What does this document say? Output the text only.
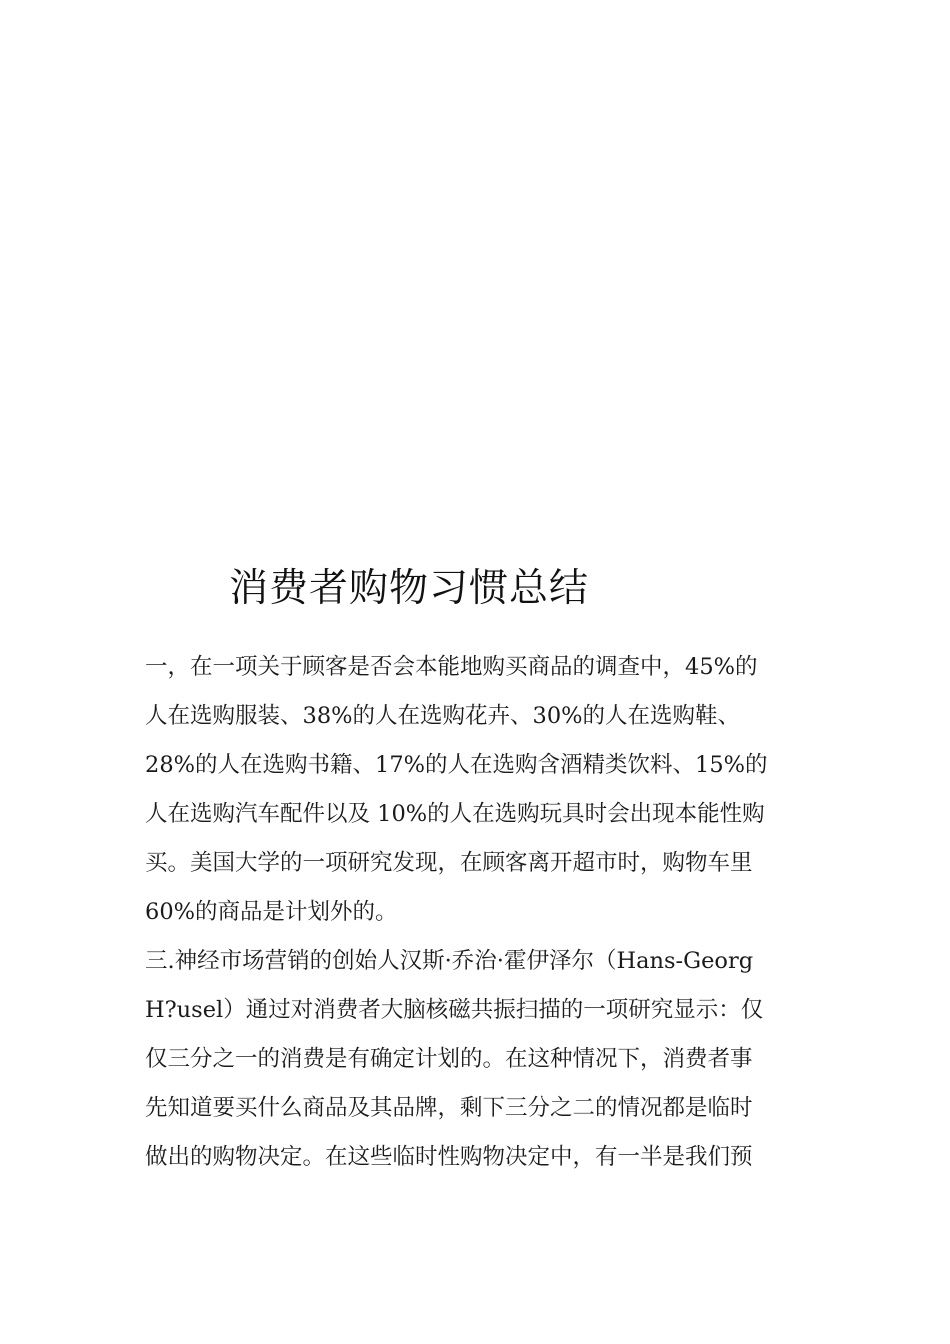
消费者购物习惯总结
一，在一项关于顾客是否会本能地购买商品的调查中，45%的
人在选购服装、38%的人在选购花卉、30%的人在选购鞋、
28%的人在选购书籍、17%的人在选购含酒精类饮料、15%的
人在选购汽车配件以及 10%的人在选购玩具时会出现本能性购
买。美国大学的一项研究发现，在顾客离开超市时，购物车里
60%的商品是计划外的。
三.神经市场营销的创始人汉斯·乔治·霍伊泽尔（Hans-Georg
H?usel）通过对消费者大脑核磁共振扫描的一项研究显示：仅
仅三分之一的消费是有确定计划的。在这种情况下，消费者事
先知道要买什么商品及其品牌，剩下三分之二的情况都是临时
做出的购物决定。在这些临时性购物决定中，有一半是我们预
